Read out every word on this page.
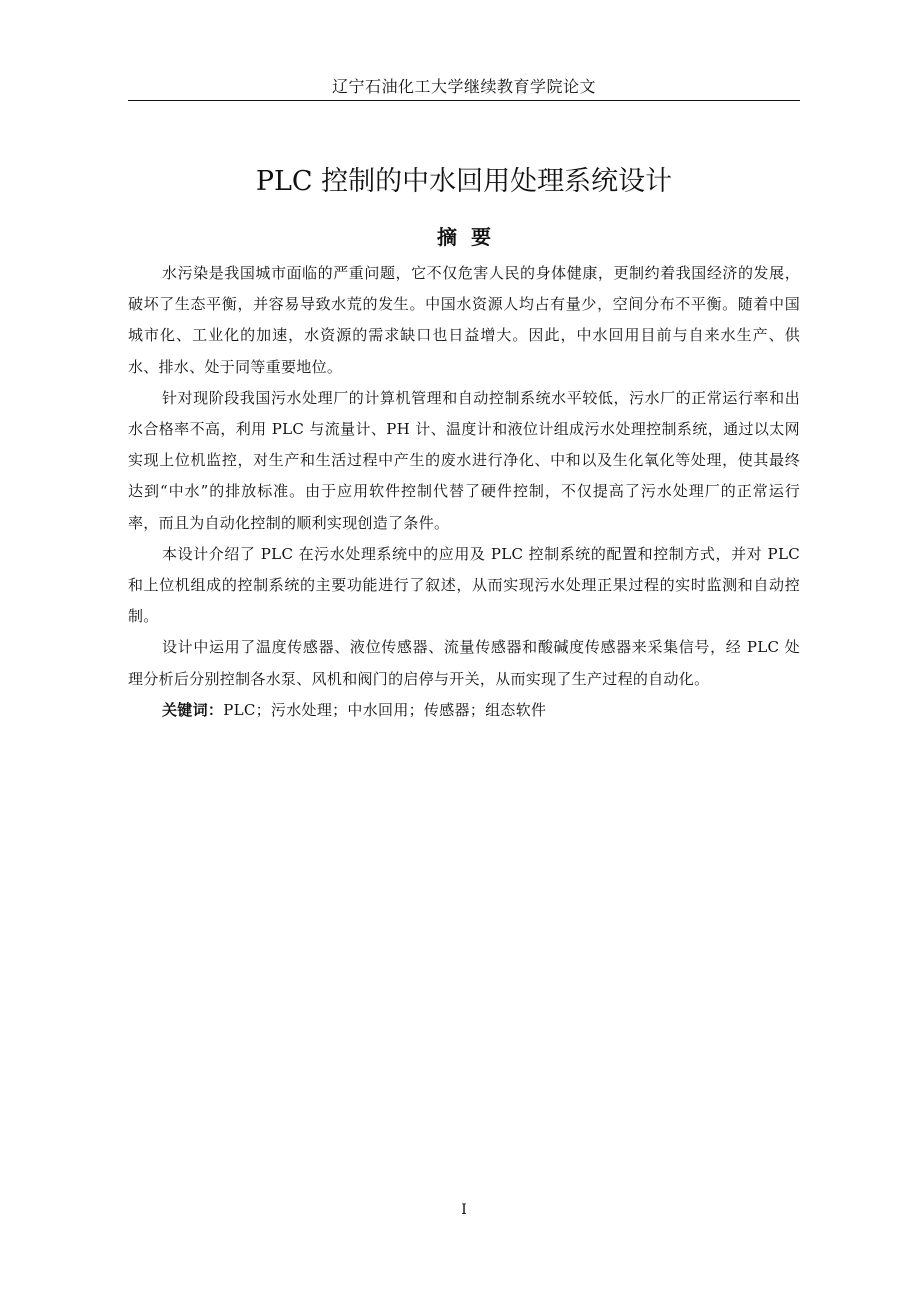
辽宁石油化工大学继续教育学院论文
PLC 控制的中水回用处理系统设计
摘要

水污染是我国城市面临的严重问题，它不仅危害人民的身体健康，更制约着我国经济的发展，破坏了生态平衡，并容易导致水荒的发生。中国水资源人均占有量少，空间分布不平衡。随着中国城市化、工业化的加速，水资源的需求缺口也日益增大。因此，中水回用目前与自来水生产、供水、排水、处于同等重要地位。

针对现阶段我国污水处理厂的计算机管理和自动控制系统水平较低，污水厂的正常运行率和出水合格率不高，利用 PLC 与流量计、PH 计、温度计和液位计组成污水处理控制系统，通过以太网实现上位机监控，对生产和生活过程中产生的废水进行净化、中和以及生化氧化等处理，使其最终达到“中水”的排放标准。由于应用软件控制代替了硬件控制，不仅提高了污水处理厂的正常运行率，而且为自动化控制的顺利实现创造了条件。

本设计介绍了 PLC 在污水处理系统中的应用及 PLC 控制系统的配置和控制方式，并对 PLC 和上位机组成的控制系统的主要功能进行了叙述，从而实现污水处理正果过程的实时监测和自动控制。

设计中运用了温度传感器、液位传感器、流量传感器和酸碱度传感器来采集信号，经 PLC 处理分析后分别控制各水泵、风机和阀门的启停与开关，从而实现了生产过程的自动化。

关键词：PLC；污水处理；中水回用；传感器；组态软件

I
